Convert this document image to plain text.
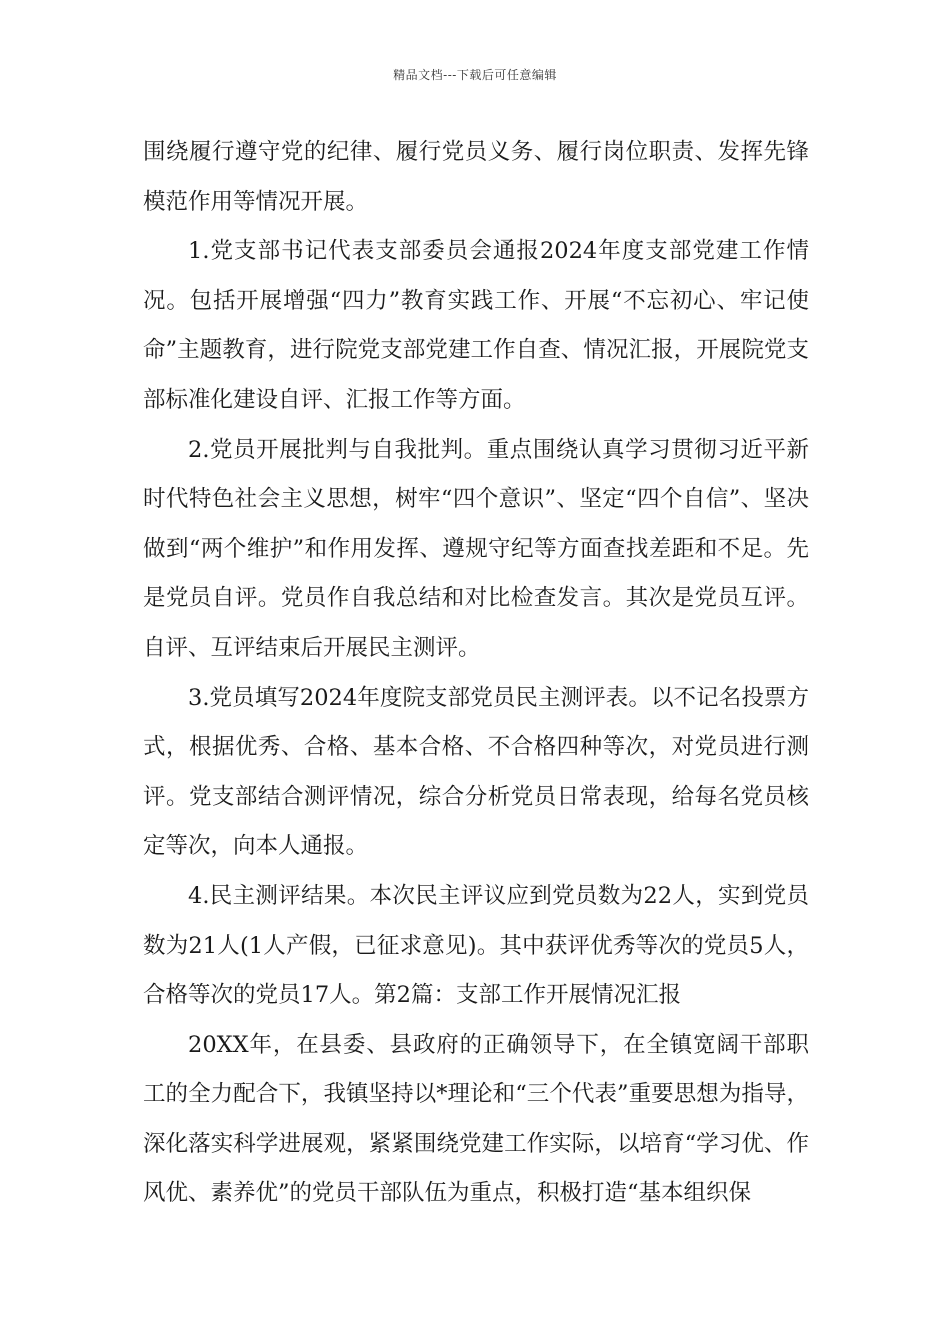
精品文档---下载后可任意编辑

围绕履行遵守党的纪律、履行党员义务、履行岗位职责、发挥先锋模范作用等情况开展。

1.党支部书记代表支部委员会通报2024年度支部党建工作情况。包括开展增强“四力”教育实践工作、开展“不忘初心、牢记使命”主题教育，进行院党支部党建工作自查、情况汇报，开展院党支部标准化建设自评、汇报工作等方面。

2.党员开展批判与自我批判。重点围绕认真学习贯彻习近平新时代特色社会主义思想，树牢“四个意识”、坚定“四个自信”、坚决做到“两个维护”和作用发挥、遵规守纪等方面查找差距和不足。先是党员自评。党员作自我总结和对比检查发言。其次是党员互评。自评、互评结束后开展民主测评。

3.党员填写2024年度院支部党员民主测评表。以不记名投票方式，根据优秀、合格、基本合格、不合格四种等次，对党员进行测评。党支部结合测评情况，综合分析党员日常表现，给每名党员核定等次，向本人通报。

4.民主测评结果。本次民主评议应到党员数为22人，实到党员数为21人(1人产假，已征求意见)。其中获评优秀等次的党员5人，合格等次的党员17人。第2篇：支部工作开展情况汇报

20XX年，在县委、县政府的正确领导下，在全镇宽阔干部职工的全力配合下，我镇坚持以*理论和“三个代表”重要思想为指导，深化落实科学进展观，紧紧围绕党建工作实际，以培育“学习优、作风优、素养优”的党员干部队伍为重点，积极打造“基本组织保
